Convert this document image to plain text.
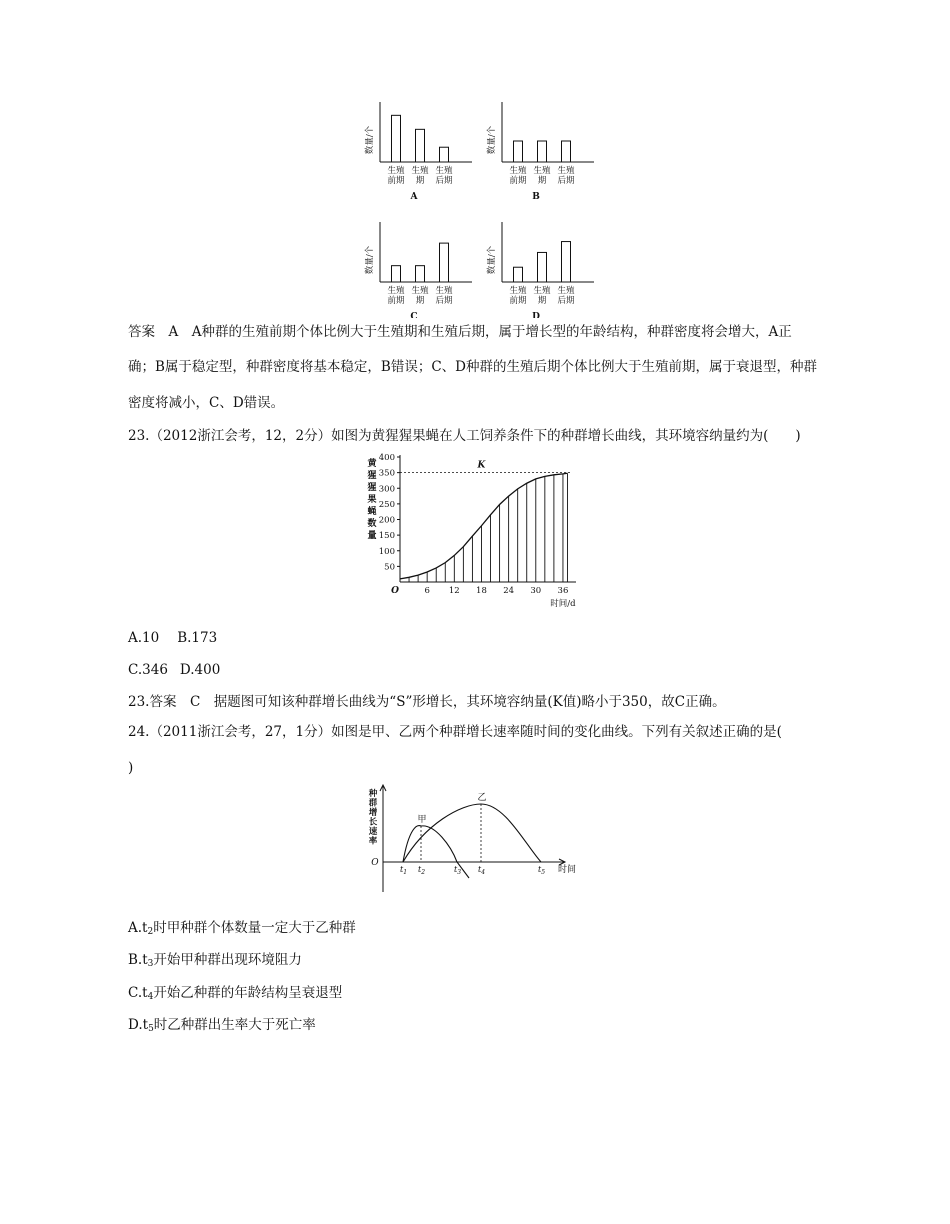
数量/个
生殖
前期
生殖
期
生殖
后期
A
数量/个
生殖
前期
生殖
期
生殖
后期
B
数量/个
生殖
前期
生殖
期
生殖
后期
C
数量/个
生殖
前期
生殖
期
生殖
后期
D
答案　A　A种群的生殖前期个体比例大于生殖期和生殖后期，属于增长型的年龄结构，种群密度将会增大，A正
确；B属于稳定型，种群密度将基本稳定，B错误；C、D种群的生殖后期个体比例大于生殖前期，属于衰退型，种群
密度将减小，C、D错误。
23.（2012浙江会考，12，2分）如图为黄猩猩果蝇在人工饲养条件下的种群增长曲线，其环境容纳量约为(　　)
黄
猩
猩
果
蝇
数
量
50
100
150
200
250
300
350
400
6 12 18 24 30 36
O
时间/d
K
A.10 B.173
C.346 D.400
23.答案　C　据题图可知该种群增长曲线为“S”形增长，其环境容纳量(K值)略小于350，故C正确。
24.（2011浙江会考，27，1分）如图是甲、乙两个种群增长速率随时间的变化曲线。下列有关叙述正确的是(
)
种
群
增
长
速
率
O
时间
$t_1$ $t_2$	$t_3$ $t_4$	$t_5$
甲
乙
$A.t_2$时甲种群个体数量一定大于乙种群
$B.t_3$开始甲种群出现环境阻力
$C.t_4$开始乙种群的年龄结构呈衰退型
$D.t_5$时乙种群出生率大于死亡率
